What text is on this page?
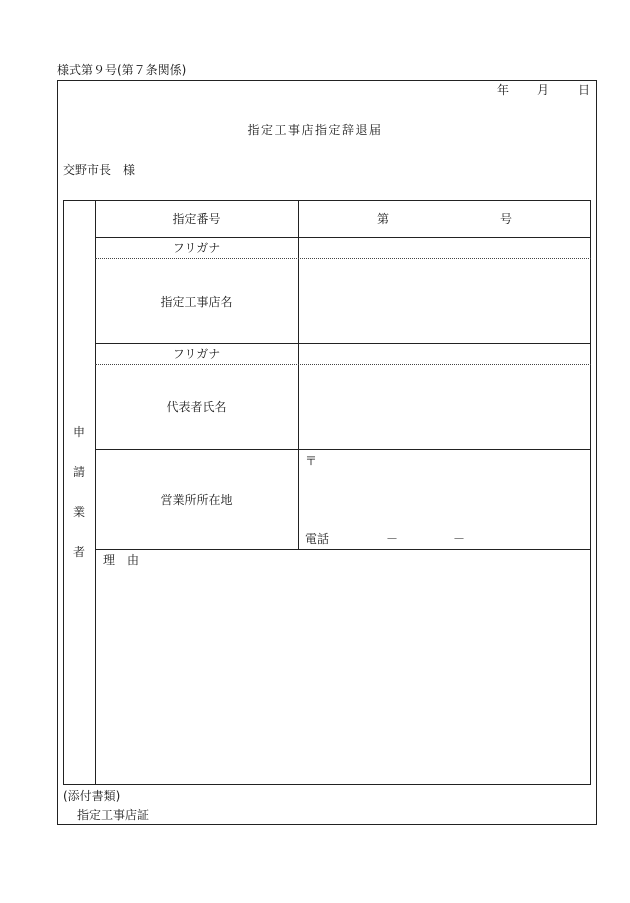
様式第９号(第７条関係)
年 月 日
指定工事店指定辞退届
交野市長　様
申
請
業
者
指定番号	第	号
フリガナ
指定工事店名
フリガナ
代表者氏名
営業所所在地
〒
電話	－	－
理　由
(添付書類)
指定工事店証
